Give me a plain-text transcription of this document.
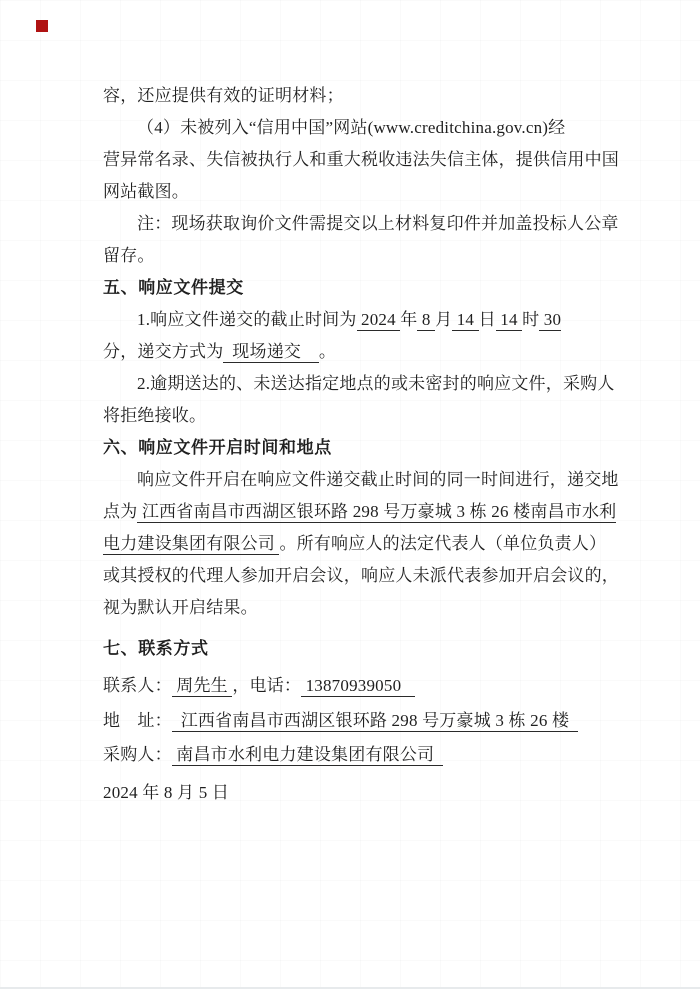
容，还应提供有效的证明材料；
（4）未被列入“信用中国”网站(www.creditchina.gov.cn)经
营异常名录、失信被执行人和重大税收违法失信主体，提供信用中国
网站截图。
注：现场获取询价文件需提交以上材料复印件并加盖投标人公章
留存。
五、响应文件提交
1.响应文件递交的截止时间为 2024 年 8 月 14 日 14 时 30
分，递交方式为  现场递交    。
2.逾期送达的、未送达指定地点的或未密封的响应文件，采购人
将拒绝接收。
六、响应文件开启时间和地点
响应文件开启在响应文件递交截止时间的同一时间进行，递交地
点为 江西省南昌市西湖区银环路 298 号万豪城 3 栋 26 楼南昌市水利
电力建设集团有限公司 。所有响应人的法定代表人（单位负责人）
或其授权的代理人参加开启会议，响应人未派代表参加开启会议的，
视为默认开启结果。
七、联系方式
联系人： 周先生 ，电话： 13870939050
地　址：  江西省南昌市西湖区银环路 298 号万豪城 3 栋 26 楼
采购人： 南昌市水利电力建设集团有限公司
2024 年 8 月 5 日
